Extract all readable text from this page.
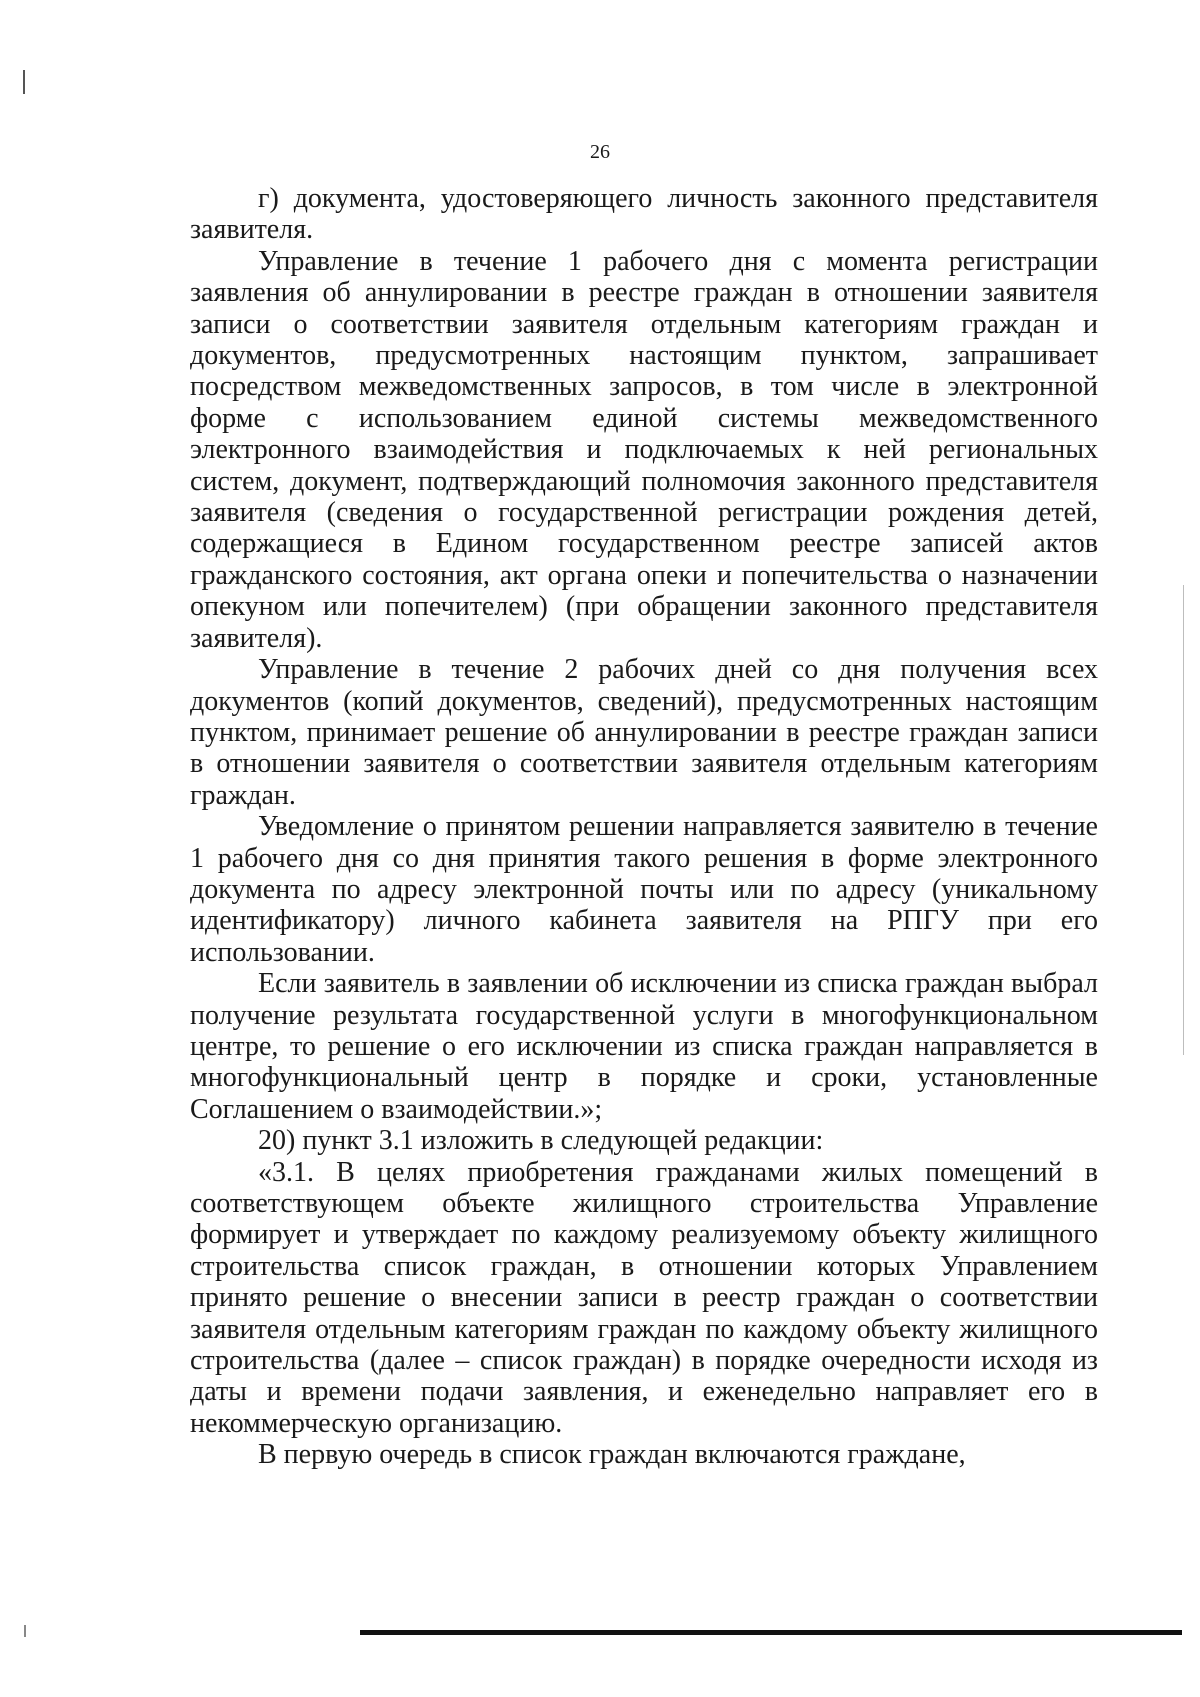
26

г) документа, удостоверяющего личность законного представителя заявителя.

Управление в течение 1 рабочего дня с момента регистрации заявления об аннулировании в реестре граждан в отношении заявителя записи о соответствии заявителя отдельным категориям граждан и документов, предусмотренных настоящим пунктом, запрашивает посредством межведомственных запросов, в том числе в электронной форме с использованием единой системы межведомственного электронного взаимодействия и подключаемых к ней региональных систем, документ, подтверждающий полномочия законного представителя заявителя (сведения о государственной регистрации рождения детей, содержащиеся в Едином государственном реестре записей актов гражданского состояния, акт органа опеки и попечительства о назначении опекуном или попечителем) (при обращении законного представителя заявителя).

Управление в течение 2 рабочих дней со дня получения всех документов (копий документов, сведений), предусмотренных настоящим пунктом, принимает решение об аннулировании в реестре граждан записи в отношении заявителя о соответствии заявителя отдельным категориям граждан.

Уведомление о принятом решении направляется заявителю в течение 1 рабочего дня со дня принятия такого решения в форме электронного документа по адресу электронной почты или по адресу (уникальному идентификатору) личного кабинета заявителя на РПГУ при его использовании.

Если заявитель в заявлении об исключении из списка граждан выбрал получение результата государственной услуги в многофункциональном центре, то решение о его исключении из списка граждан направляется в многофункциональный центр в порядке и сроки, установленные Соглашением о взаимодействии.»;

20) пункт 3.1 изложить в следующей редакции:

«3.1. В целях приобретения гражданами жилых помещений в соответствующем объекте жилищного строительства Управление формирует и утверждает по каждому реализуемому объекту жилищного строительства список граждан, в отношении которых Управлением принято решение о внесении записи в реестр граждан о соответствии заявителя отдельным категориям граждан по каждому объекту жилищного строительства (далее – список граждан) в порядке очередности исходя из даты и времени подачи заявления, и еженедельно направляет его в некоммерческую организацию.

В первую очередь в список граждан включаются граждане,
